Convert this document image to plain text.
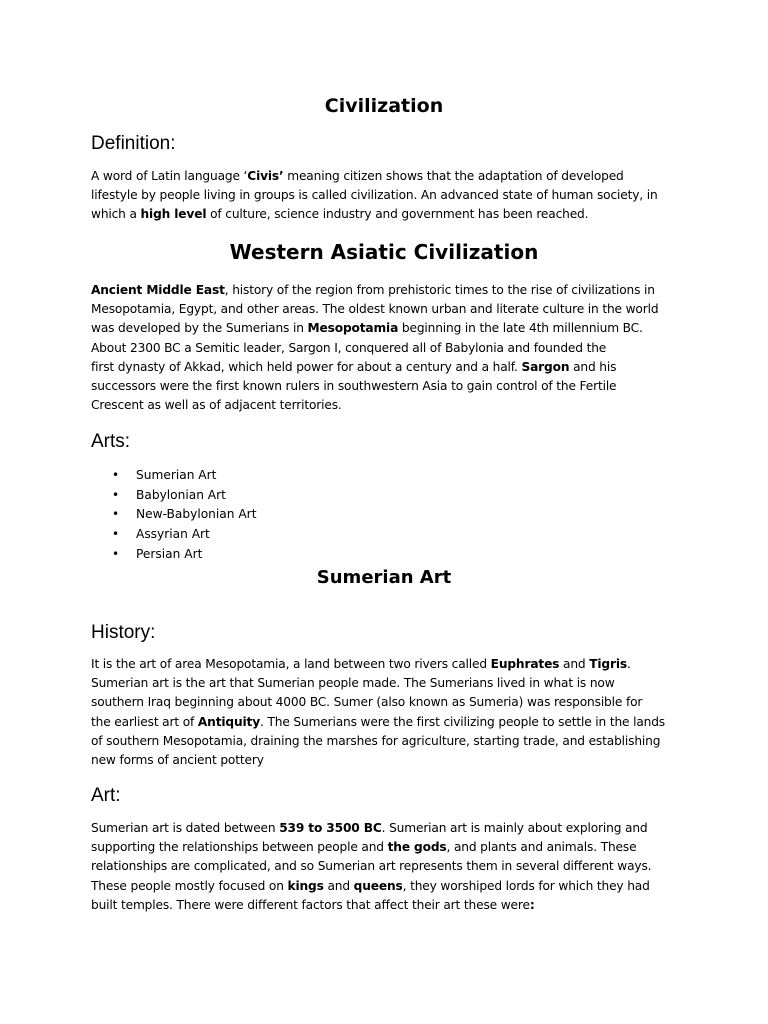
Civilization
Definition:

A word of Latin language ‘Civis’ meaning citizen shows that the adaptation of developed
lifestyle by people living in groups is called civilization. An advanced state of human society, in
which a high level of culture, science industry and government has been reached.

Western Asiatic Civilization

Ancient Middle East, history of the region from prehistoric times to the rise of civilizations in
Mesopotamia, Egypt, and other areas. The oldest known urban and literate culture in the world
was developed by the Sumerians in Mesopotamia beginning in the late 4th millennium BC.
About 2300 BC a Semitic leader, Sargon I, conquered all of Babylonia and founded the
first dynasty of Akkad, which held power for about a century and a half. Sargon and his
successors were the first known rulers in southwestern Asia to gain control of the Fertile
Crescent as well as of adjacent territories.

Arts:
• Sumerian Art
• Babylonian Art
• New-Babylonian Art
• Assyrian Art
• Persian Art
Sumerian Art
History:

It is the art of area Mesopotamia, a land between two rivers called Euphrates and Tigris.
Sumerian art is the art that Sumerian people made. The Sumerians lived in what is now
southern Iraq beginning about 4000 BC. Sumer (also known as Sumeria) was responsible for
the earliest art of Antiquity. The Sumerians were the first civilizing people to settle in the lands
of southern Mesopotamia, draining the marshes for agriculture, starting trade, and establishing
new forms of ancient pottery

Art:

Sumerian art is dated between 539 to 3500 BC. Sumerian art is mainly about exploring and
supporting the relationships between people and the gods, and plants and animals. These
relationships are complicated, and so Sumerian art represents them in several different ways.
These people mostly focused on kings and queens, they worshiped lords for which they had
built temples. There were different factors that affect their art these were:
